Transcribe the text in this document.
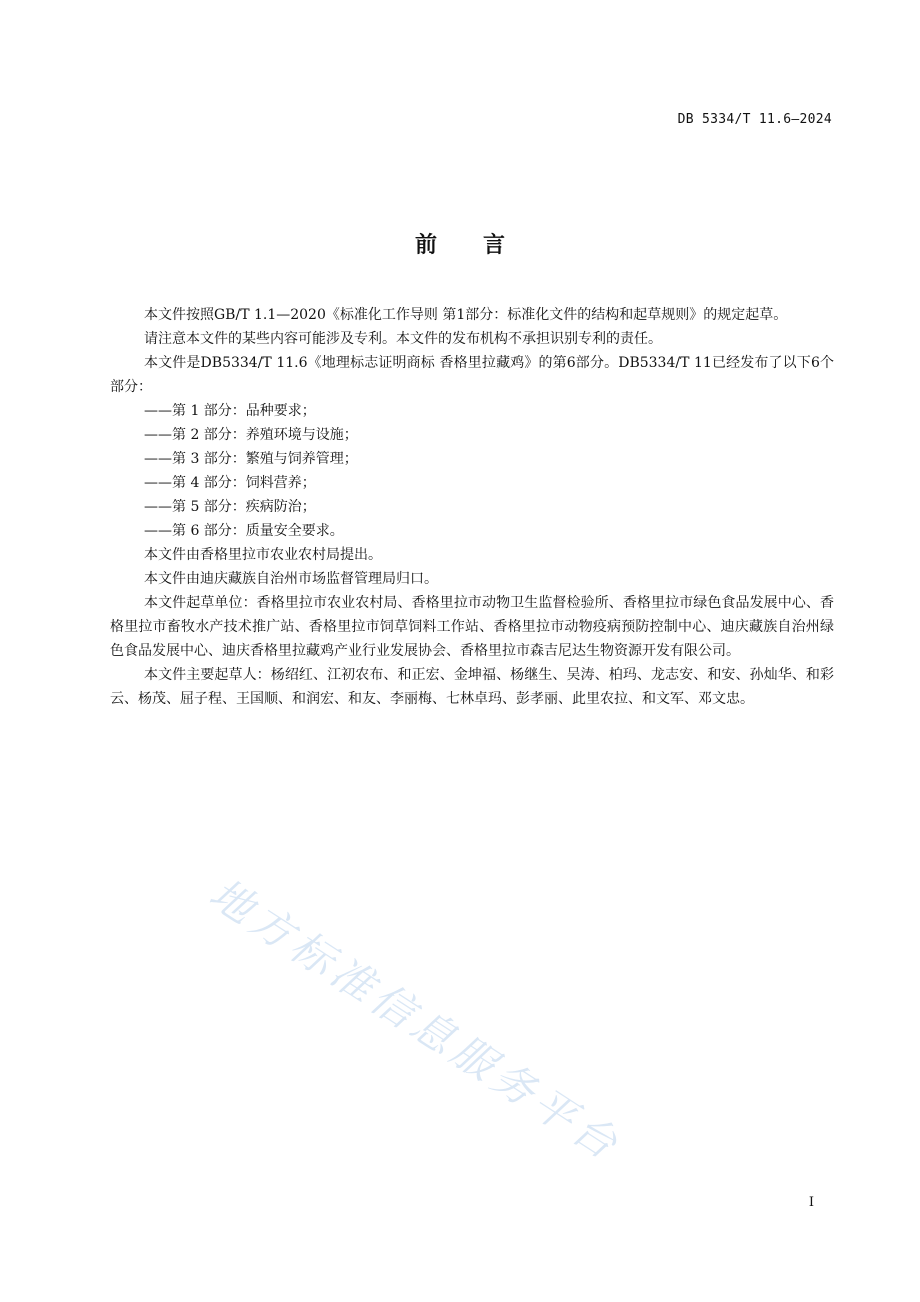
DB 5334/T 11.6—2024
前 言

本文件按照GB/T 1.1—2020《标准化工作导则 第1部分：标准化文件的结构和起草规则》的规定起草。

请注意本文件的某些内容可能涉及专利。本文件的发布机构不承担识别专利的责任。

本文件是DB5334/T 11.6《地理标志证明商标 香格里拉藏鸡》的第6部分。DB5334/T 11已经发布了以下6个部分：

——第 1 部分：品种要求；

——第 2 部分：养殖环境与设施；

——第 3 部分：繁殖与饲养管理；

——第 4 部分：饲料营养；

——第 5 部分：疾病防治；

——第 6 部分：质量安全要求。

本文件由香格里拉市农业农村局提出。

本文件由迪庆藏族自治州市场监督管理局归口。

本文件起草单位：香格里拉市农业农村局、香格里拉市动物卫生监督检验所、香格里拉市绿色食品发展中心、香格里拉市畜牧水产技术推广站、香格里拉市饲草饲料工作站、香格里拉市动物疫病预防控制中心、迪庆藏族自治州绿色食品发展中心、迪庆香格里拉藏鸡产业行业发展协会、香格里拉市森吉尼达生物资源开发有限公司。

本文件主要起草人：杨绍红、江初农布、和正宏、金坤福、杨继生、吴涛、柏玛、龙志安、和安、孙灿华、和彩云、杨茂、屈子程、王国顺、和润宏、和友、李丽梅、七林卓玛、彭孝丽、此里农拉、和文军、邓文忠。

地方标准信息服务平台
I
